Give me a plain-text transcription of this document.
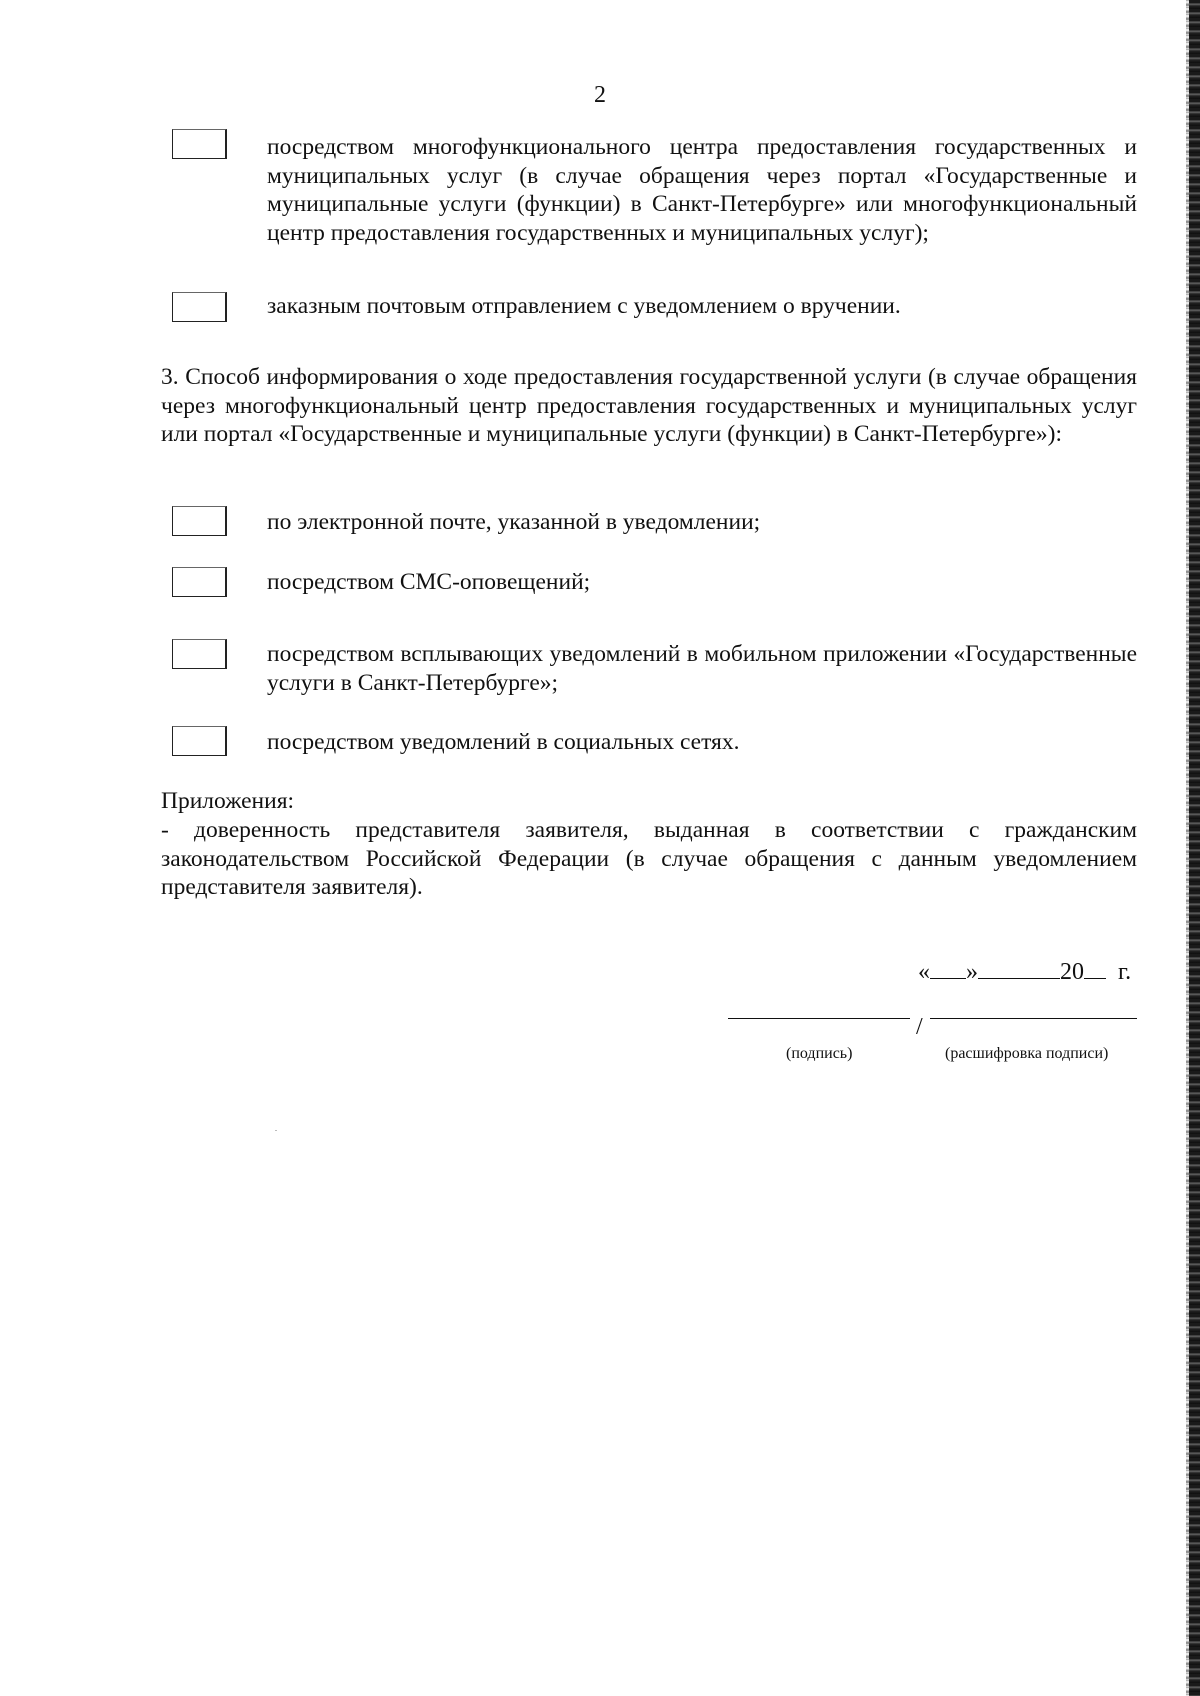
2
посредством многофункционального центра предоставления государственных и муниципальных услуг (в случае обращения через портал «Государственные и муниципальные услуги (функции) в Санкт-Петербурге» или многофункциональный центр предоставления государственных и муниципальных услуг);
заказным почтовым отправлением с уведомлением о вручении.
3. Способ информирования о ходе предоставления государственной услуги (в случае обращения через многофункциональный центр предоставления государственных и муниципальных услуг или портал «Государственные и муниципальные услуги (функции) в Санкт-Петербурге»):
по электронной почте, указанной в уведомлении;
посредством СМС-оповещений;
посредством всплывающих уведомлений в мобильном приложении «Государственные услуги в Санкт-Петербурге»;
посредством уведомлений в социальных сетях.
Приложения:
- доверенность представителя заявителя, выданная в соответствии с гражданским законодательством Российской Федерации (в случае обращения с данным уведомлением представителя заявителя).
« »	20 г.
/
(подпись)	(расшифровка подписи)
